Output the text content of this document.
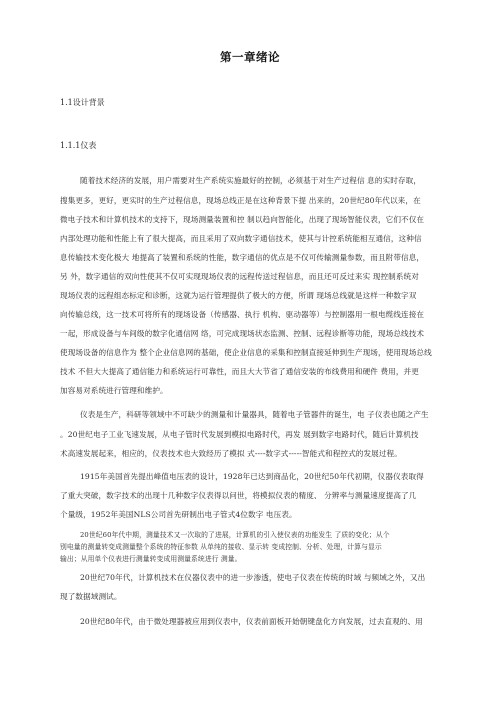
第一章绪论
1.1设计背景
1.1.1仪表
随着技术经济的发展，用户需要对生产系统实施最好的控制，必须基于对生产过程信 息的实时存取，
搜集更多，更好，更实时的生产过程信息，现场总线正是在这种背景下提 出来的，20世纪80年代以来，在
微电子技术和计算机技术的支持下，现场测量装置和控 制以趋向智能化，出现了现场智能仪表，它们不仅在
内部处理功能和性能上有了很大提高，而且采用了双向数字通信技术，使其与计控系统能相互通信，这种信
息传输技术变化极大 地提高了装置和系统的性能，数字通信的优点是不仅可传输测量参数，而且附带信息，
另 外，数字通信的双向性使其不仅可实现现场仪表的远程传送过程信息，而且还可反过来实 现控制系统对
现场仪表的远程组态标定和诊断，这就为运行管理提供了极大的方便，所谓 现场总线就是这样一种数字双
向传输总线，这一技术可将所有的现场设备（传感器、执行 机构、驱动器等）与控制器用一根电缆线连接在
一起，形成设备与车间级的数字化通信网 络，可完成现场状态监测、控制、远程诊断等功能，现场总线技术
使现场设备的信息作为 整个企业信息网的基础，使企业信息的采集和控制直接延伸到生产现场，使用现场总线
技术 不但大大提高了通信能力和系统运行可靠性，而且大大节省了通信安装的布线费用和硬件 费用，并更
加容易对系统进行管理和维护。
仪表是生产，科研等领域中不可缺少的测量和计量器具，随着电子管器件的诞生，电 子仪表也随之产生
。20世纪电子工业飞速发展，从电子管时代发展到模拟电路时代，再发 展到数字电路时代，随后计算机技
术高速发展起来，相应的，仪表技术也大致经历了模拟 式----数字式-----智能式和程控式的发展过程。
1915年美国首先提出峰值电压表的设计，1928年已达到商品化，20世纪50年代初期，仪器仪表取得
了重大突破，数字技术的出现十几种数字仪表得以问世，将模拟仪表的精度、 分辨率与测量速度提高了几
个量级，1952年美国NLS公司首先研制出电子管式4位数字 电压表。
20世纪60年代中期，测量技术又一次取的了进展，计算机的引入使仪表的功能发生 了质的变化；从个
别电量的测量转变成测量整个系统的特征参数 从单纯的接收、显示转 变成控制、分析、处理，计算与显示
输出；从用单个仪表进行测量转变成用测量系统进行 测量。
20世纪70年代，计算机技术在仪器仪表中的进一步渗透，使电子仪表在传统的时域 与频域之外，又出
现了数据域测试。
20世纪80年代，由于微处理器被应用到仪表中，仪表前面板开始朝键盘化方向发展，过去直观的、用
